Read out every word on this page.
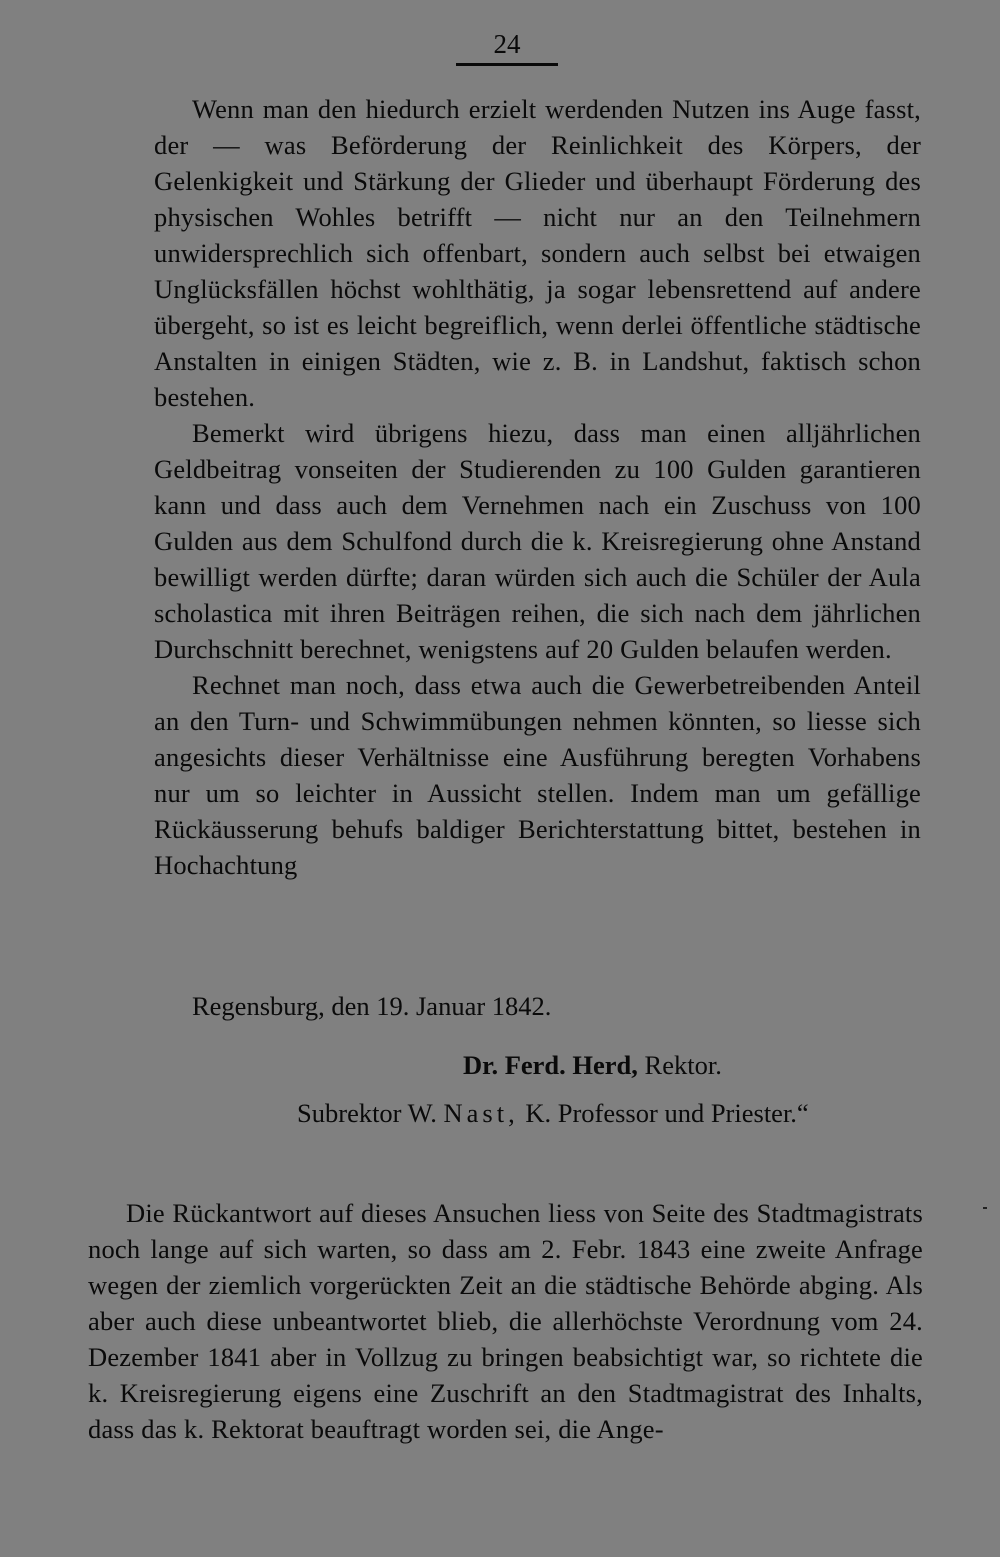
24

Wenn man den hiedurch erzielt werdenden Nutzen ins Auge fasst, der — was Beförderung der Reinlichkeit des Körpers, der Gelenkigkeit und Stärkung der Glieder und überhaupt Förderung des physischen Wohles betrifft — nicht nur an den Teilnehmern unwidersprechlich sich offenbart, sondern auch selbst bei etwaigen Unglücksfällen höchst wohlthätig, ja sogar lebensrettend auf andere übergeht, so ist es leicht begreiflich, wenn derlei öffentliche städtische Anstalten in einigen Städten, wie z. B. in Landshut, faktisch schon bestehen.

Bemerkt wird übrigens hiezu, dass man einen alljährlichen Geldbeitrag vonseiten der Studierenden zu 100 Gulden garantieren kann und dass auch dem Vernehmen nach ein Zuschuss von 100 Gulden aus dem Schulfond durch die k. Kreisregierung ohne Anstand bewilligt werden dürfte; daran würden sich auch die Schüler der Aula scholastica mit ihren Beiträgen reihen, die sich nach dem jährlichen Durchschnitt berechnet, wenigstens auf 20 Gulden belaufen werden.

Rechnet man noch, dass etwa auch die Gewerbetreibenden Anteil an den Turn- und Schwimmübungen nehmen könnten, so liesse sich angesichts dieser Verhältnisse eine Ausführung beregten Vorhabens nur um so leichter in Aussicht stellen. Indem man um gefällige Rückäusserung behufs baldiger Berichterstattung bittet, bestehen in Hochachtung

Regensburg, den 19. Januar 1842.
Dr. Ferd. Herd, Rektor.
Subrektor W. Nast, K. Professor und Priester.“

Die Rückantwort auf dieses Ansuchen liess von Seite des Stadtmagistrats noch lange auf sich warten, so dass am 2. Febr. 1843 eine zweite Anfrage wegen der ziemlich vorgerückten Zeit an die städtische Behörde abging. Als aber auch diese unbeantwortet blieb, die allerhöchste Verordnung vom 24. Dezember 1841 aber in Vollzug zu bringen beabsichtigt war, so richtete die k. Kreisregierung eigens eine Zuschrift an den Stadtmagistrat des Inhalts, dass das k. Rektorat beauftragt worden sei, die Ange-
